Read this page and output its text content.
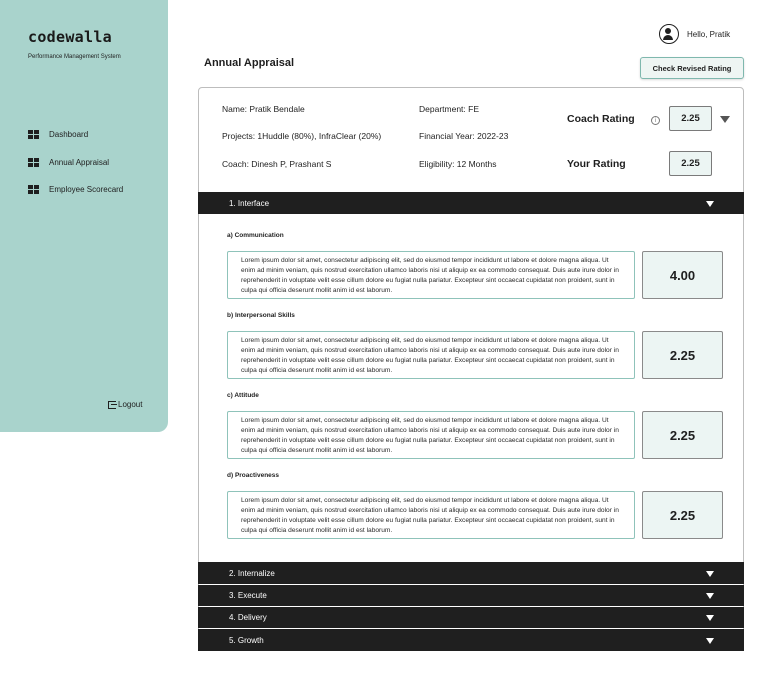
codewalla
Performance Management System
Dashboard
Annual Appraisal
Employee Scorecard
Logout
Hello, Pratik
Annual Appraisal	Check Revised Rating
Name: Pratik Bendale	Department: FE
Projects: 1Huddle (80%), InfraClear (20%)	Financial Year: 2022-23
Coach: Dinesh P, Prashant S	Eligibility: 12 Months
Coach Rating	i	2.25
Your Rating	2.25
1. Interface
a) Communication
Lorem ipsum dolor sit amet, consectetur adipiscing elit, sed do eiusmod tempor incididunt ut labore et dolore magna aliqua. Ut enim ad minim veniam, quis nostrud exercitation ullamco laboris nisi ut aliquip ex ea commodo consequat. Duis aute irure dolor in reprehenderit in voluptate velit esse cillum dolore eu fugiat nulla pariatur. Excepteur sint occaecat cupidatat non proident, sunt in culpa qui officia deserunt mollit anim id est laborum.
4.00
b) Interpersonal Skills
Lorem ipsum dolor sit amet, consectetur adipiscing elit, sed do eiusmod tempor incididunt ut labore et dolore magna aliqua. Ut enim ad minim veniam, quis nostrud exercitation ullamco laboris nisi ut aliquip ex ea commodo consequat. Duis aute irure dolor in reprehenderit in voluptate velit esse cillum dolore eu fugiat nulla pariatur. Excepteur sint occaecat cupidatat non proident, sunt in culpa qui officia deserunt mollit anim id est laborum.
2.25
c) Attitude
Lorem ipsum dolor sit amet, consectetur adipiscing elit, sed do eiusmod tempor incididunt ut labore et dolore magna aliqua. Ut enim ad minim veniam, quis nostrud exercitation ullamco laboris nisi ut aliquip ex ea commodo consequat. Duis aute irure dolor in reprehenderit in voluptate velit esse cillum dolore eu fugiat nulla pariatur. Excepteur sint occaecat cupidatat non proident, sunt in culpa qui officia deserunt mollit anim id est laborum.
2.25
d) Proactiveness
Lorem ipsum dolor sit amet, consectetur adipiscing elit, sed do eiusmod tempor incididunt ut labore et dolore magna aliqua. Ut enim ad minim veniam, quis nostrud exercitation ullamco laboris nisi ut aliquip ex ea commodo consequat. Duis aute irure dolor in reprehenderit in voluptate velit esse cillum dolore eu fugiat nulla pariatur. Excepteur sint occaecat cupidatat non proident, sunt in culpa qui officia deserunt mollit anim id est laborum.
2.25
2. Internalize
3. Execute
4. Delivery
5. Growth
